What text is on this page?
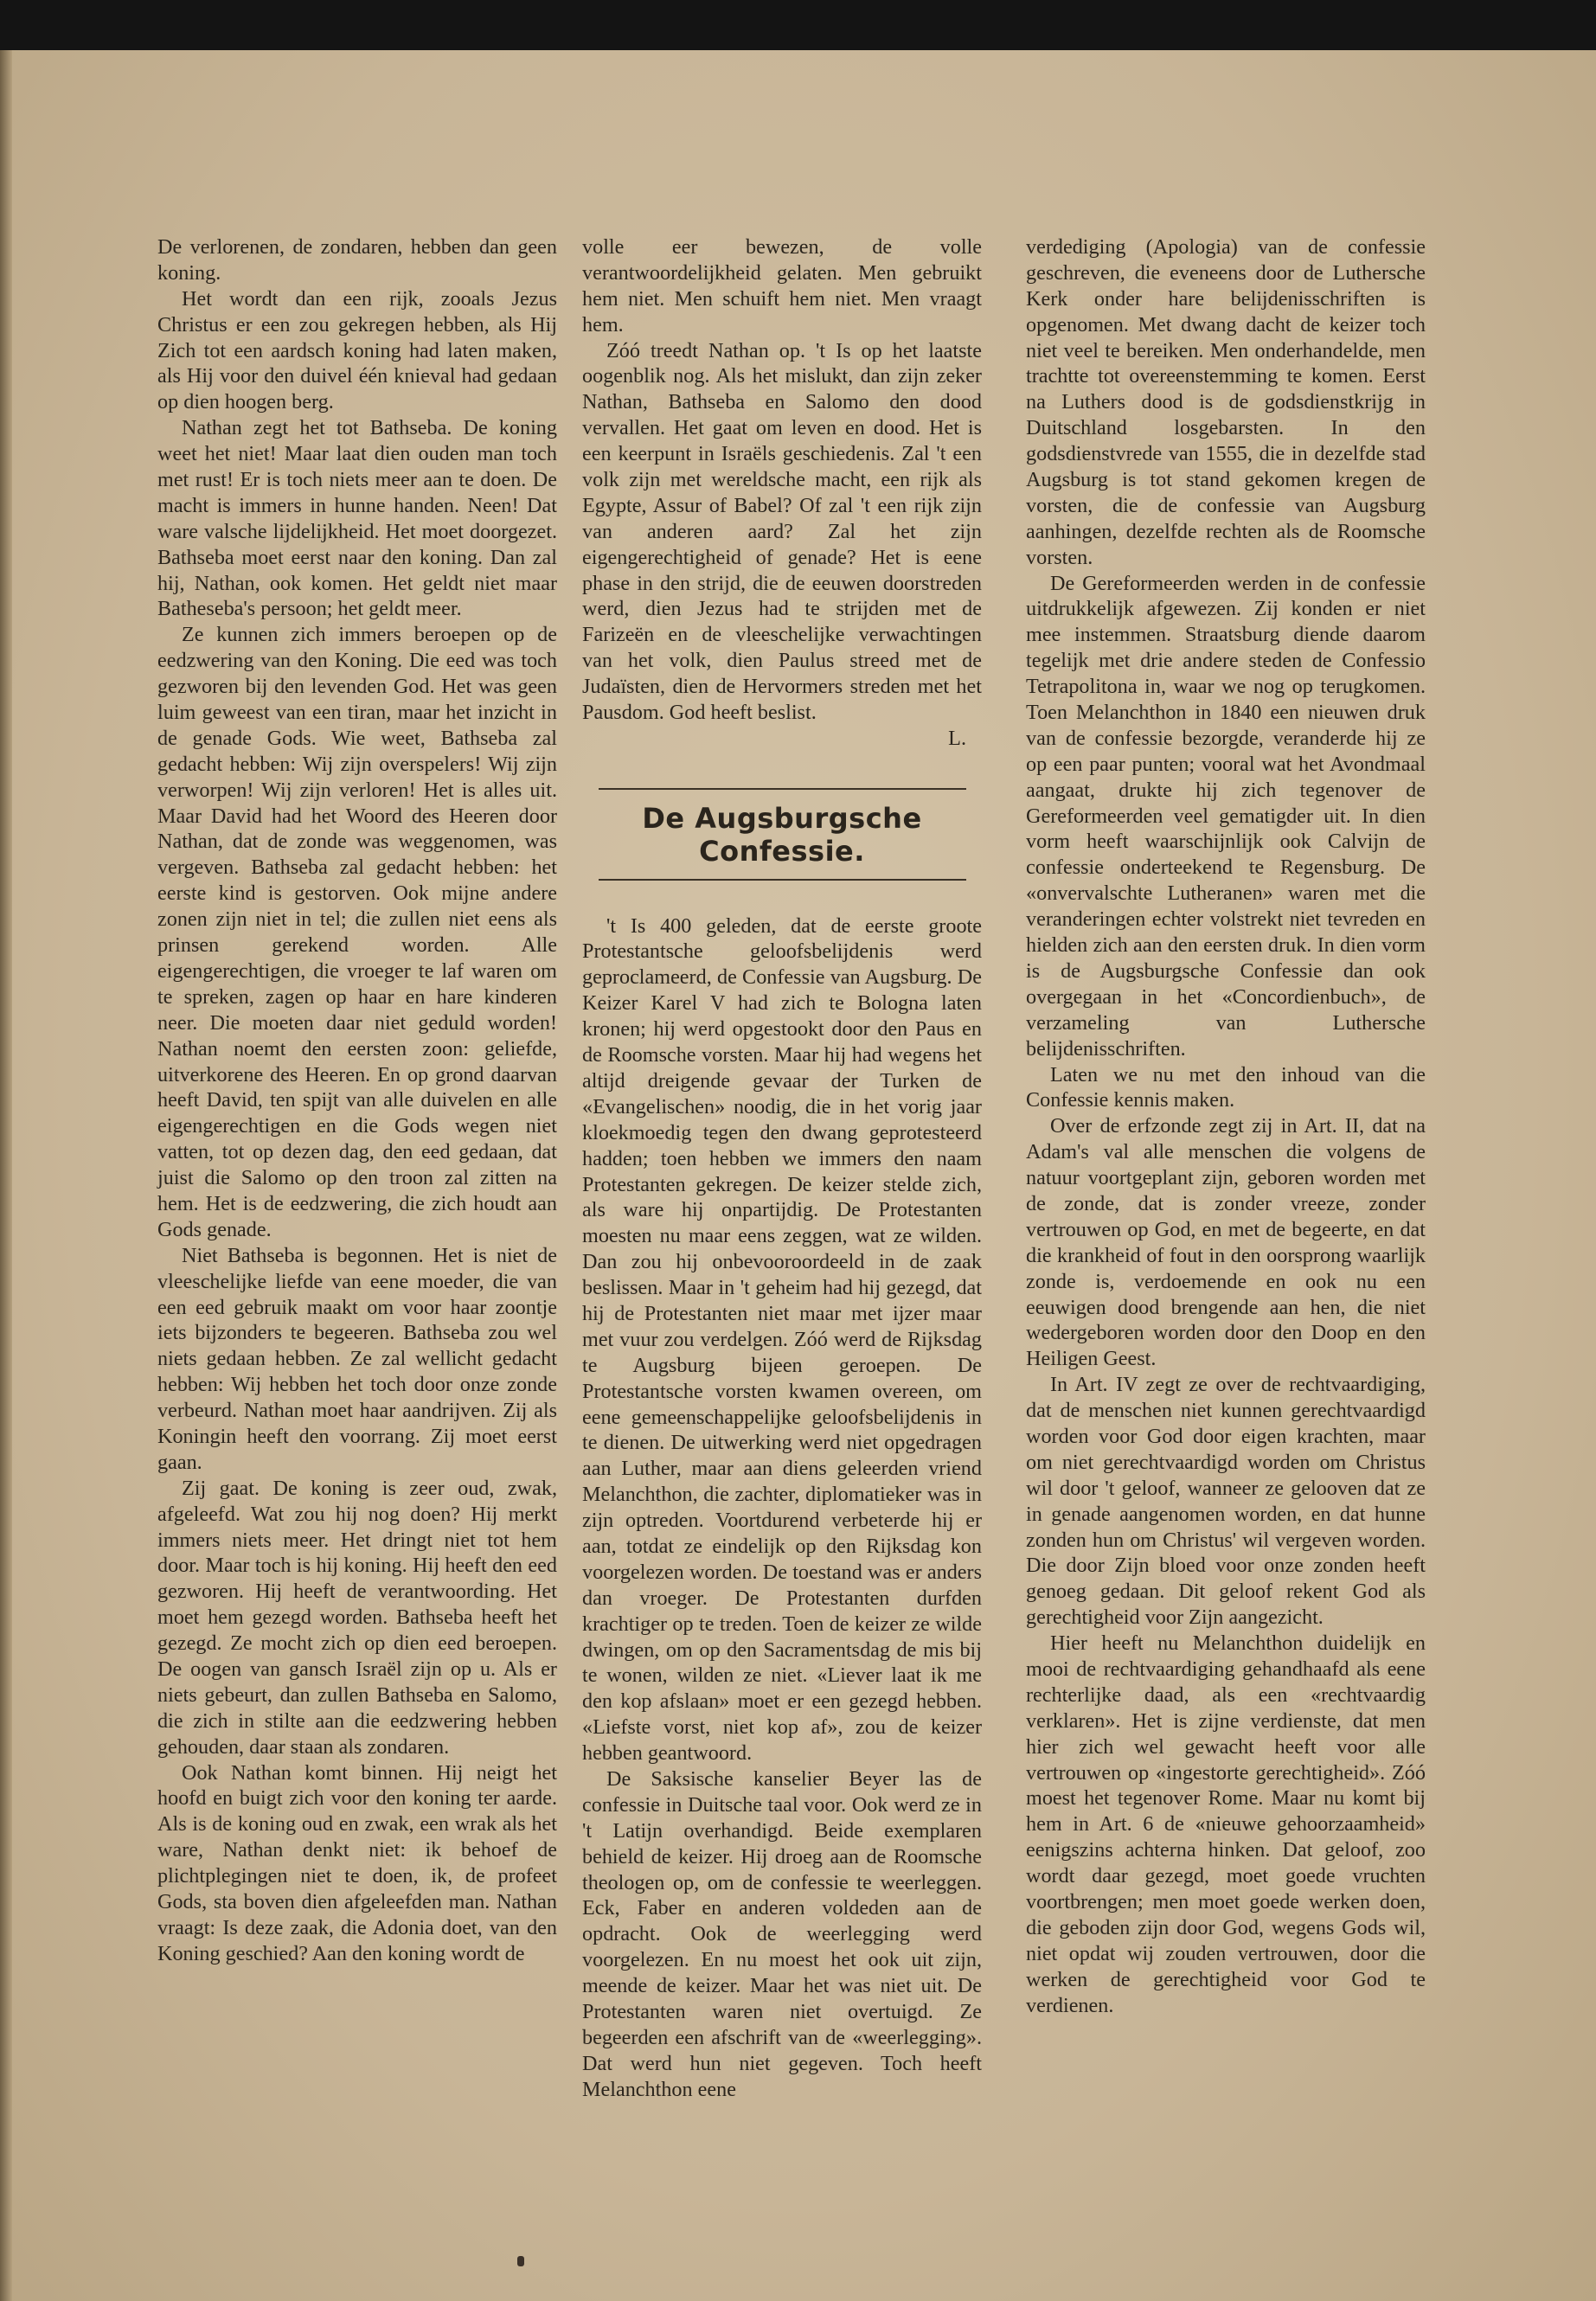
De verlorenen, de zondaren, hebben dan geen koning.

Het wordt dan een rijk, zooals Jezus Christus er een zou gekregen hebben, als Hij Zich tot een aardsch koning had laten maken, als Hij voor den duivel één knieval had gedaan op dien hoogen berg.

Nathan zegt het tot Bathseba. De koning weet het niet! Maar laat dien ouden man toch met rust! Er is toch niets meer aan te doen. De macht is immers in hunne handen. Neen! Dat ware valsche lijdelijkheid. Het moet doorgezet. Bathseba moet eerst naar den koning. Dan zal hij, Nathan, ook komen. Het geldt niet maar Batheseba's persoon; het geldt meer.

Ze kunnen zich immers beroepen op de eedzwering van den Koning. Die eed was toch gezworen bij den levenden God. Het was geen luim geweest van een tiran, maar het inzicht in de genade Gods. Wie weet, Bathseba zal gedacht hebben: Wij zijn overspelers! Wij zijn verworpen! Wij zijn verloren! Het is alles uit. Maar David had het Woord des Heeren door Nathan, dat de zonde was weggenomen, was vergeven. Bathseba zal gedacht hebben: het eerste kind is gestorven. Ook mijne andere zonen zijn niet in tel; die zullen niet eens als prinsen gerekend worden. Alle eigengerechtigen, die vroeger te laf waren om te spreken, zagen op haar en hare kinderen neer. Die moeten daar niet geduld worden! Nathan noemt den eersten zoon: geliefde, uitverkorene des Heeren. En op grond daarvan heeft David, ten spijt van alle duivelen en alle eigengerechtigen en die Gods wegen niet vatten, tot op dezen dag, den eed gedaan, dat juist die Salomo op den troon zal zitten na hem. Het is de eedzwering, die zich houdt aan Gods genade.

Niet Bathseba is begonnen. Het is niet de vleeschelijke liefde van eene moeder, die van een eed gebruik maakt om voor haar zoontje iets bijzonders te begeeren. Bathseba zou wel niets gedaan hebben. Ze zal wellicht gedacht hebben: Wij hebben het toch door onze zonde verbeurd. Nathan moet haar aandrijven. Zij als Koningin heeft den voorrang. Zij moet eerst gaan.

Zij gaat. De koning is zeer oud, zwak, afgeleefd. Wat zou hij nog doen? Hij merkt immers niets meer. Het dringt niet tot hem door. Maar toch is hij koning. Hij heeft den eed gezworen. Hij heeft de verantwoording. Het moet hem gezegd worden. Bathseba heeft het gezegd. Ze mocht zich op dien eed beroepen. De oogen van gansch Israël zijn op u. Als er niets gebeurt, dan zullen Bathseba en Salomo, die zich in stilte aan die eedzwering hebben gehouden, daar staan als zondaren.

Ook Nathan komt binnen. Hij neigt het hoofd en buigt zich voor den koning ter aarde. Als is de koning oud en zwak, een wrak als het ware, Nathan denkt niet: ik behoef de plichtplegingen niet te doen, ik, de profeet Gods, sta boven dien afgeleefden man. Nathan vraagt: Is deze zaak, die Adonia doet, van den Koning geschied? Aan den koning wordt de

volle eer bewezen, de volle verantwoordelijkheid gelaten. Men gebruikt hem niet. Men schuift hem niet. Men vraagt hem.

Zóó treedt Nathan op. 't Is op het laatste oogenblik nog. Als het mislukt, dan zijn zeker Nathan, Bathseba en Salomo den dood vervallen. Het gaat om leven en dood. Het is een keerpunt in Israëls geschiedenis. Zal 't een volk zijn met wereldsche macht, een rijk als Egypte, Assur of Babel? Of zal 't een rijk zijn van anderen aard? Zal het zijn eigengerechtigheid of genade? Het is eene phase in den strijd, die de eeuwen doorstreden werd, dien Jezus had te strijden met de Farizeën en de vleeschelijke verwachtingen van het volk, dien Paulus streed met de Judaïsten, dien de Hervormers streden met het Pausdom. God heeft beslist.

L.
De Augsburgsche Confessie.

't Is 400 geleden, dat de eerste groote Protestantsche geloofsbelijdenis werd geproclameerd, de Confessie van Augsburg. De Keizer Karel V had zich te Bologna laten kronen; hij werd opgestookt door den Paus en de Roomsche vorsten. Maar hij had wegens het altijd dreigende gevaar der Turken de «Evangelischen» noodig, die in het vorig jaar kloekmoedig tegen den dwang geprotesteerd hadden; toen hebben we immers den naam Protestanten gekregen. De keizer stelde zich, als ware hij onpartijdig. De Protestanten moesten nu maar eens zeggen, wat ze wilden. Dan zou hij onbevooroordeeld in de zaak beslissen. Maar in 't geheim had hij gezegd, dat hij de Protestanten niet maar met ijzer maar met vuur zou verdelgen. Zóó werd de Rijksdag te Augsburg bijeen geroepen. De Protestantsche vorsten kwamen overeen, om eene gemeenschappelijke geloofsbelijdenis in te dienen. De uitwerking werd niet opgedragen aan Luther, maar aan diens geleerden vriend Melanchthon, die zachter, diplomatieker was in zijn optreden. Voortdurend verbeterde hij er aan, totdat ze eindelijk op den Rijksdag kon voorgelezen worden. De toestand was er anders dan vroeger. De Protestanten durfden krachtiger op te treden. Toen de keizer ze wilde dwingen, om op den Sacramentsdag de mis bij te wonen, wilden ze niet. «Liever laat ik me den kop afslaan» moet er een gezegd hebben. «Liefste vorst, niet kop af», zou de keizer hebben geantwoord.

De Saksische kanselier Beyer las de confessie in Duitsche taal voor. Ook werd ze in 't Latijn overhandigd. Beide exemplaren behield de keizer. Hij droeg aan de Roomsche theologen op, om de confessie te weerleggen. Eck, Faber en anderen voldeden aan de opdracht. Ook de weerlegging werd voorgelezen. En nu moest het ook uit zijn, meende de keizer. Maar het was niet uit. De Protestanten waren niet overtuigd. Ze begeerden een afschrift van de «weerlegging». Dat werd hun niet gegeven. Toch heeft Melanchthon eene

verdediging (Apologia) van de confessie geschreven, die eveneens door de Luthersche Kerk onder hare belijdenisschriften is opgenomen. Met dwang dacht de keizer toch niet veel te bereiken. Men onderhandelde, men trachtte tot overeenstemming te komen. Eerst na Luthers dood is de godsdienstkrijg in Duitschland losgebarsten. In den godsdienstvrede van 1555, die in dezelfde stad Augsburg is tot stand gekomen kregen de vorsten, die de confessie van Augsburg aanhingen, dezelfde rechten als de Roomsche vorsten.

De Gereformeerden werden in de confessie uitdrukkelijk afgewezen. Zij konden er niet mee instemmen. Straatsburg diende daarom tegelijk met drie andere steden de Confessio Tetrapolitona in, waar we nog op terugkomen. Toen Melanchthon in 1840 een nieuwen druk van de confessie bezorgde, veranderde hij ze op een paar punten; vooral wat het Avondmaal aangaat, drukte hij zich tegenover de Gereformeerden veel gematigder uit. In dien vorm heeft waarschijnlijk ook Calvijn de confessie onderteekend te Regensburg. De «onvervalschte Lutheranen» waren met die veranderingen echter volstrekt niet tevreden en hielden zich aan den eersten druk. In dien vorm is de Augsburgsche Confessie dan ook overgegaan in het «Concordienbuch», de verzameling van Luthersche belijdenisschriften.

Laten we nu met den inhoud van die Confessie kennis maken.

Over de erfzonde zegt zij in Art. II, dat na Adam's val alle menschen die volgens de natuur voortgeplant zijn, geboren worden met de zonde, dat is zonder vreeze, zonder vertrouwen op God, en met de begeerte, en dat die krankheid of fout in den oorsprong waarlijk zonde is, verdoemende en ook nu een eeuwigen dood brengende aan hen, die niet wedergeboren worden door den Doop en den Heiligen Geest.

In Art. IV zegt ze over de rechtvaardiging, dat de menschen niet kunnen gerechtvaardigd worden voor God door eigen krachten, maar om niet gerechtvaardigd worden om Christus wil door 't geloof, wanneer ze gelooven dat ze in genade aangenomen worden, en dat hunne zonden hun om Christus' wil vergeven worden. Die door Zijn bloed voor onze zonden heeft genoeg gedaan. Dit geloof rekent God als gerechtigheid voor Zijn aangezicht.

Hier heeft nu Melanchthon duidelijk en mooi de rechtvaardiging gehandhaafd als eene rechterlijke daad, als een «rechtvaardig verklaren». Het is zijne verdienste, dat men hier zich wel gewacht heeft voor alle vertrouwen op «ingestorte gerechtigheid». Zóó moest het tegenover Rome. Maar nu komt bij hem in Art. 6 de «nieuwe gehoorzaamheid» eenigszins achterna hinken. Dat geloof, zoo wordt daar gezegd, moet goede vruchten voortbrengen; men moet goede werken doen, die geboden zijn door God, wegens Gods wil, niet opdat wij zouden vertrouwen, door die werken de gerechtigheid voor God te verdienen.
